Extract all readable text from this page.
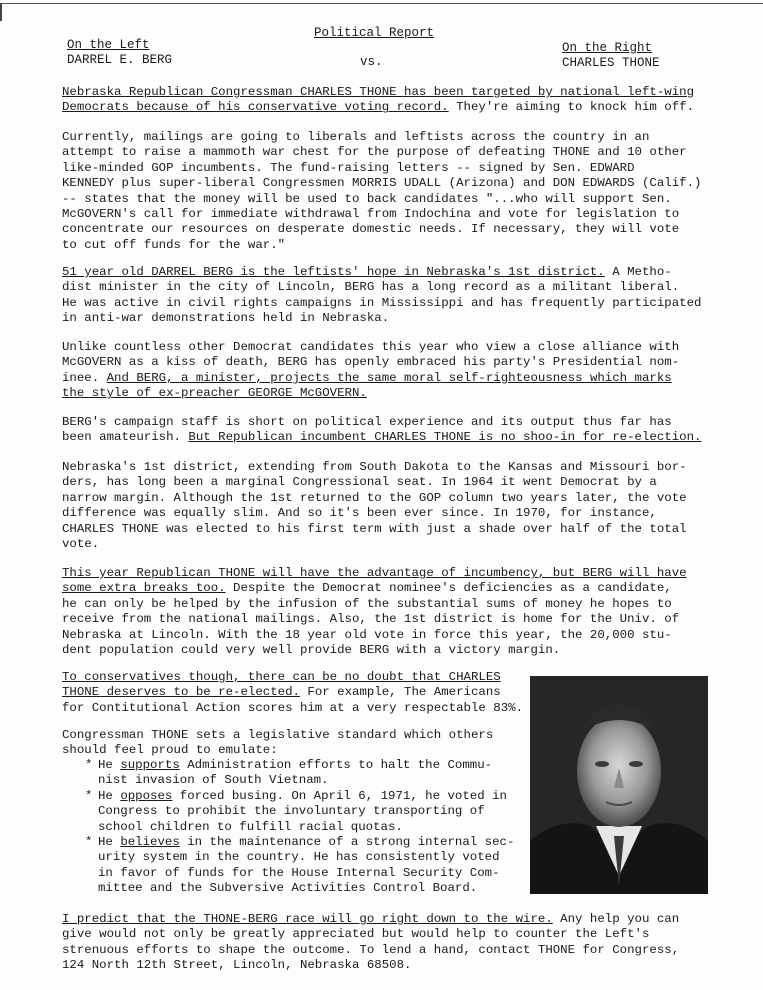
Political Report
On the Left
DARREL E. BERG	vs.
On the Right
CHARLES THONE
Nebraska Republican Congressman CHARLES THONE has been targeted by national left-wing
Democrats because of his conservative voting record. They're aiming to knock him off.
Currently, mailings are going to liberals and leftists across the country in an
attempt to raise a mammoth war chest for the purpose of defeating THONE and 10 other
like-minded GOP incumbents. The fund-raising letters -- signed by Sen. EDWARD
KENNEDY plus super-liberal Congressmen MORRIS UDALL (Arizona) and DON EDWARDS (Calif.)
-- states that the money will be used to back candidates "...who will support Sen.
McGOVERN's call for immediate withdrawal from Indochina and vote for legislation to
concentrate our resources on desperate domestic needs. If necessary, they will vote
to cut off funds for the war."
51 year old DARREL BERG is the leftists' hope in Nebraska's 1st district. A Metho-
dist minister in the city of Lincoln, BERG has a long record as a militant liberal.
He was active in civil rights campaigns in Mississippi and has frequently participated
in anti-war demonstrations held in Nebraska.
Unlike countless other Democrat candidates this year who view a close alliance with
McGOVERN as a kiss of death, BERG has openly embraced his party's Presidential nom-
inee. And BERG, a minister, projects the same moral self-righteousness which marks
the style of ex-preacher GEORGE McGOVERN.
BERG's campaign staff is short on political experience and its output thus far has
been amateurish. But Republican incumbent CHARLES THONE is no shoo-in for re-election.
Nebraska's 1st district, extending from South Dakota to the Kansas and Missouri bor-
ders, has long been a marginal Congressional seat. In 1964 it went Democrat by a
narrow margin. Although the 1st returned to the GOP column two years later, the vote
difference was equally slim. And so it's been ever since. In 1970, for instance,
CHARLES THONE was elected to his first term with just a shade over half of the total
vote.
This year Republican THONE will have the advantage of incumbency, but BERG will have
some extra breaks too. Despite the Democrat nominee's deficiencies as a candidate,
he can only be helped by the infusion of the substantial sums of money he hopes to
receive from the national mailings. Also, the 1st district is home for the Univ. of
Nebraska at Lincoln. With the 18 year old vote in force this year, the 20,000 stu-
dent population could very well provide BERG with a victory margin.
To conservatives though, there can be no doubt that CHARLES
THONE deserves to be re-elected. For example, The Americans
for Contitutional Action scores him at a very respectable 83%.
Congressman THONE sets a legislative standard which others
should feel proud to emulate:
* He supports Administration efforts to halt the Commu-
nist invasion of South Vietnam.
* He opposes forced busing. On April 6, 1971, he voted in
Congress to prohibit the involuntary transporting of
school children to fulfill racial quotas.
* He believes in the maintenance of a strong internal sec-
urity system in the country. He has consistently voted
in favor of funds for the House Internal Security Com-
mittee and the Subversive Activities Control Board.
I predict that the THONE-BERG race will go right down to the wire. Any help you can
give would not only be greatly appreciated but would help to counter the Left's
strenuous efforts to shape the outcome. To lend a hand, contact THONE for Congress,
124 North 12th Street, Lincoln, Nebraska 68508.
